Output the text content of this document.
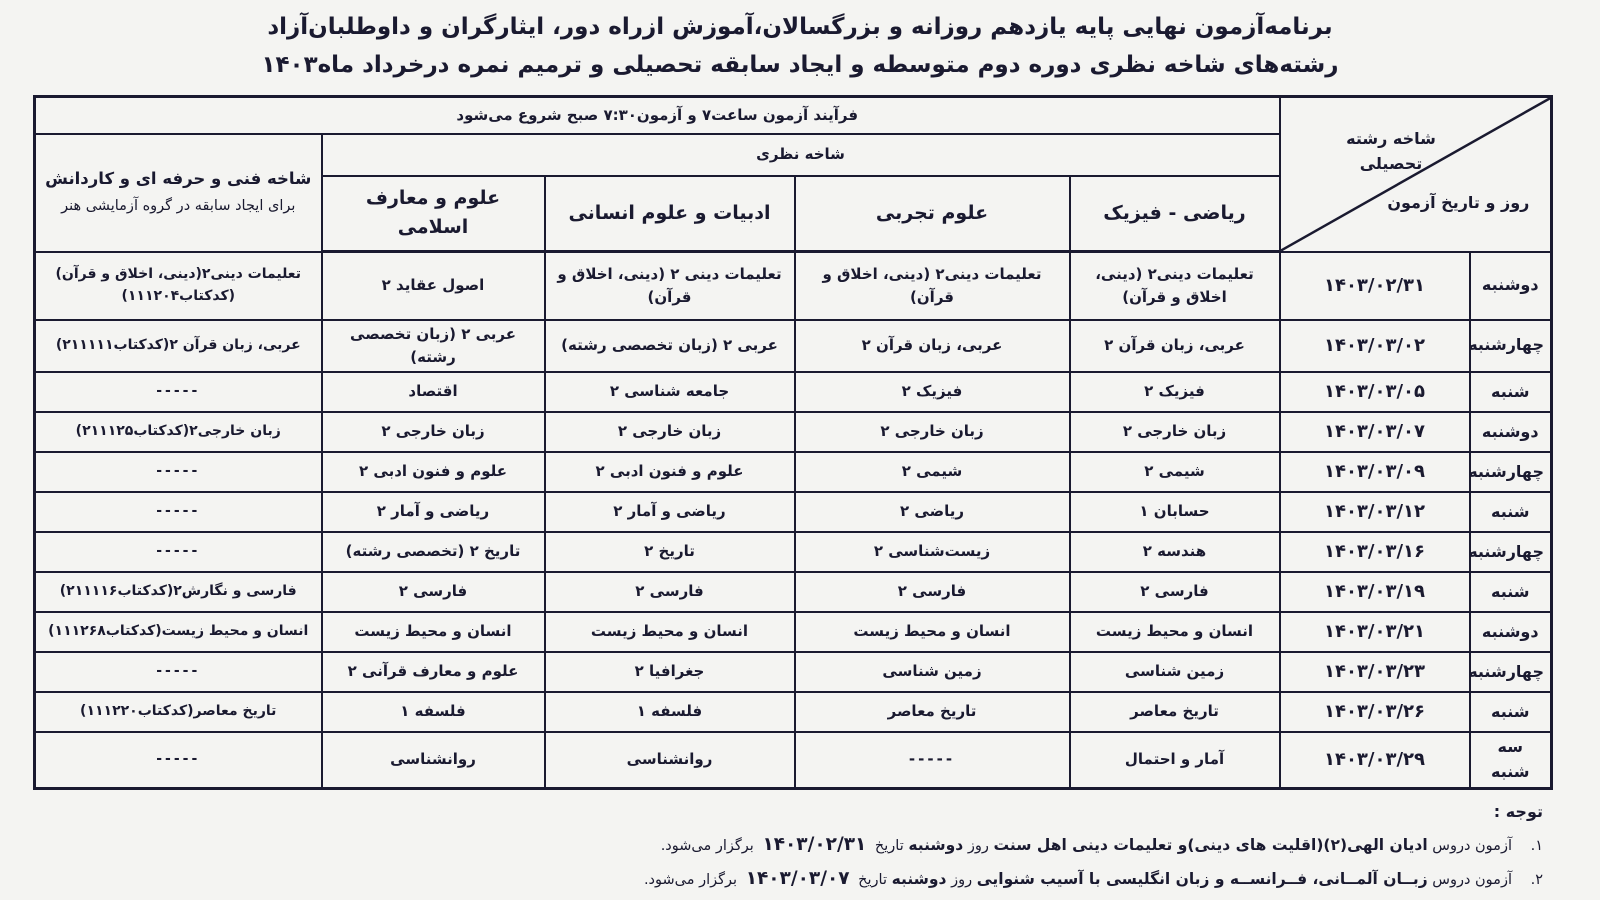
برنامه‌آزمون نهایی پایه یازدهم روزانه و بزرگسالان،آموزش ازراه دور، ایثارگران و داوطلبان‌آزاد
رشته‌های شاخه نظری دوره دوم متوسطه و ایجاد سابقه تحصیلی و ترمیم نمره درخرداد ماه۱۴۰۳
شاخه رشته تحصیلی
روز و تاریخ آزمون		فرآیند آزمون ساعت۷ و آزمون۷:۳۰ صبح شروع می‌شود				
		شاخه نظری				شاخه فنی و حرفه ای و کاردانش
برای ایجاد سابقه در گروه آزمایشی هنر

		ریاضی - فیزیک	علوم تجربی	ادبیات و علوم انسانی	علوم و معارف اسلامی	
دوشنبه	۱۴۰۳/۰۲/۳۱	تعلیمات دینی۲ (دینی، اخلاق و قرآن)	تعلیمات دینی۲ (دینی، اخلاق و قرآن)	تعلیمات دینی ۲ (دینی، اخلاق و قرآن)	اصول عقاید ۲	تعلیمات دینی۲(دینی، اخلاق و قرآن)(کدکتاب۱۱۱۲۰۴)
چهارشنبه	۱۴۰۳/۰۳/۰۲	عربی، زبان قرآن ۲	عربی، زبان قرآن ۲	عربی ۲ (زبان تخصصی رشته)	عربی ۲ (زبان تخصصی رشته)	عربی، زبان قرآن ۲(کدکتاب۲۱۱۱۱۱)
شنبه	۱۴۰۳/۰۳/۰۵	فیزیک ۲	فیزیک ۲	جامعه شناسی ۲	اقتصاد	-----
دوشنبه	۱۴۰۳/۰۳/۰۷	زبان خارجی ۲	زبان خارجی ۲	زبان خارجی ۲	زبان خارجی ۲	زبان خارجی۲(کدکتاب۲۱۱۱۲۵)
چهارشنبه	۱۴۰۳/۰۳/۰۹	شیمی ۲	شیمی ۲	علوم و فنون ادبی ۲	علوم و فنون ادبی ۲	-----
شنبه	۱۴۰۳/۰۳/۱۲	حسابان ۱	ریاضی ۲	ریاضی و آمار ۲	ریاضی و آمار ۲	-----
چهارشنبه	۱۴۰۳/۰۳/۱۶	هندسه ۲	زیست‌شناسی ۲	تاریخ ۲	تاریخ ۲ (تخصصی رشته)	-----
شنبه	۱۴۰۳/۰۳/۱۹	فارسی ۲	فارسی ۲	فارسی ۲	فارسی ۲	فارسی و نگارش۲(کدکتاب۲۱۱۱۱۶)
دوشنبه	۱۴۰۳/۰۳/۲۱	انسان و محیط زیست	انسان و محیط زیست	انسان و محیط زیست	انسان و محیط زیست	انسان و محیط زیست(کدکتاب۱۱۱۲۶۸)
چهارشنبه	۱۴۰۳/۰۳/۲۳	زمین شناسی	زمین شناسی	جغرافیا ۲	علوم و معارف قرآنی ۲	-----
شنبه	۱۴۰۳/۰۳/۲۶	تاریخ معاصر	تاریخ معاصر	فلسفه ۱	فلسفه ۱	تاریخ معاصر(کدکتاب۱۱۱۲۲۰)
سه شنبه	۱۴۰۳/۰۳/۲۹	آمار و احتمال	-----	روانشناسی	روانشناسی	-----
توجه :
۱. آزمون دروس ادیان الهی(۲)(اقلیت های دینی)و تعلیمات دینی اهل سنت روز دوشنبه تاریخ ۱۴۰۳/۰۲/۳۱ برگزار می‌شود.
۲. آزمون دروس زبــان آلمــانی، فــرانســه و زبان انگلیسی با آسیب شنوایی روز دوشنبه تاریخ ۱۴۰۳/۰۳/۰۷ برگزار می‌شود.
